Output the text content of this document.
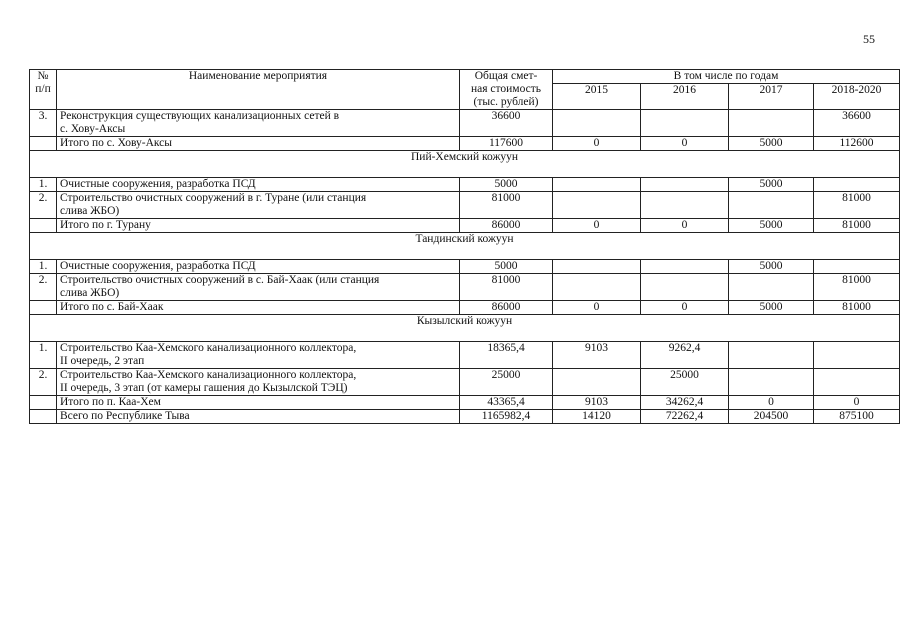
55
№
п/п	Наименование мероприятия	Общая смет-
ная стоимость
(тыс. рублей)	В том числе по годам			
			2015	2016	2017	2018-2020

3.	Реконструкция существующих канализационных сетей в
с. Хову-Аксы	36600				36600
	Итого по с. Хову-Аксы	117600	0	0	5000	112600
Пий-Хемский кожуун						
1.	Очистные сооружения, разработка ПСД	5000			5000	
2.	Строительство очистных сооружений в г. Туране (или станция
слива ЖБО)	81000				81000
	Итого по г. Турану	86000	0	0	5000	81000
Тандинский кожуун						
1.	Очистные сооружения, разработка ПСД	5000			5000	
2.	Строительство очистных сооружений в с. Бай-Хаак (или станция
слива ЖБО)	81000				81000
	Итого по с. Бай-Хаак	86000	0	0	5000	81000
Кызылский кожуун						
1.	Строительство Каа-Хемского канализационного коллектора,
II очередь, 2 этап	18365,4	9103	9262,4		
2.	Строительство Каа-Хемского канализационного коллектора,
II очередь, 3 этап (от камеры гашения до Кызылской ТЭЦ)	25000		25000		
	Итого по п. Каа-Хем	43365,4	9103	34262,4	0	0
	Всего по Республике Тыва	1165982,4	14120	72262,4	204500	875100
